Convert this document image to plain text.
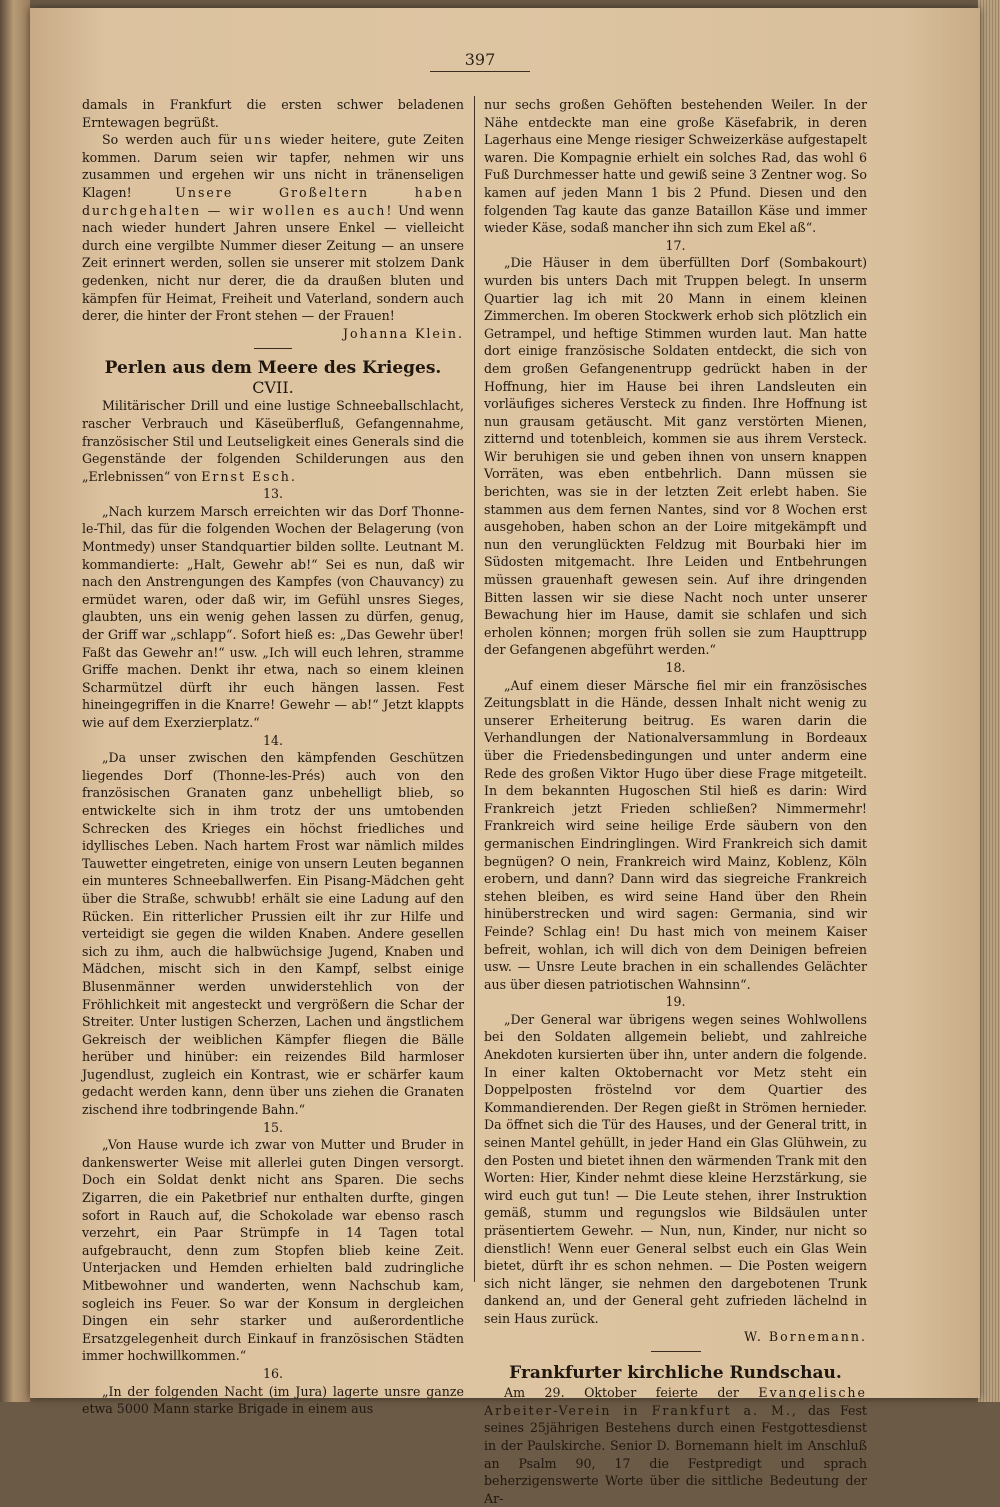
397

damals in Frankfurt die ersten schwer beladenen Erntewagen begrüßt.

So werden auch für uns wieder heitere, gute Zeiten kommen. Darum seien wir tapfer, nehmen wir uns zusammen und ergehen wir uns nicht in tränenseligen Klagen!	Unsere Großeltern haben durchgehalten — wir wollen es auch! Und wenn nach wieder hundert Jahren unsere Enkel — vielleicht durch eine vergilbte Nummer dieser Zeitung — an unsere Zeit erinnert werden, sollen sie unserer mit stolzem Dank gedenken, nicht nur derer, die da draußen bluten und kämpfen für Heimat, Freiheit und Vaterland, sondern auch derer, die hinter der Front stehen — der Frauen!

Johanna Klein.

Perlen aus dem Meere des Krieges.

CVII.

Militärischer Drill und eine lustige Schneeballschlacht, rascher Verbrauch und Käseüberfluß, Gefangennahme, französischer Stil und Leutseligkeit eines Generals sind die Gegenstände der folgenden Schilderungen aus den „Erlebnissen“ von Ernst Esch.

13.

„Nach kurzem Marsch erreichten wir das Dorf Thonne-le-Thil, das für die folgenden Wochen der Belagerung (von Montmedy) unser Standquartier bilden sollte. Leutnant M. kommandierte: „Halt, Gewehr ab!“ Sei es nun, daß wir nach den Anstrengungen des Kampfes (von Chauvancy) zu ermüdet waren, oder daß wir, im Gefühl unsres Sieges, glaubten, uns ein wenig gehen lassen zu dürfen, genug, der Griff war „schlapp“. Sofort hieß es: „Das Gewehr über! Faßt das Gewehr an!“ usw. „Ich will euch lehren, stramme Griffe machen. Denkt ihr etwa, nach so einem kleinen Scharmützel dürft ihr euch hängen lassen. Fest hineingegriffen in die Knarre! Gewehr — ab!“ Jetzt klappts wie auf dem Exerzierplatz.“

14.

„Da unser zwischen den kämpfenden Geschützen liegendes Dorf (Thonne-les-Prés) auch von den französischen Granaten ganz unbehelligt blieb, so entwickelte sich in ihm trotz der uns umtobenden Schrecken des Krieges ein höchst friedliches und idyllisches Leben. Nach hartem Frost war nämlich mildes Tauwetter eingetreten, einige von unsern Leuten begannen ein munteres Schneeballwerfen. Ein Pisang-Mädchen geht über die Straße, schwubb! erhält sie eine Ladung auf den Rücken. Ein ritterlicher Prussien eilt ihr zur Hilfe und verteidigt sie gegen die wilden Knaben. Andere gesellen sich zu ihm, auch die halbwüchsige Jugend, Knaben und Mädchen, mischt sich in den Kampf, selbst einige Blusenmänner werden unwiderstehlich von der Fröhlichkeit mit angesteckt und vergrößern die Schar der Streiter. Unter lustigen Scherzen, Lachen und ängstlichem Gekreisch der weiblichen Kämpfer fliegen die Bälle herüber und hinüber: ein reizendes Bild harmloser Jugendlust, zugleich ein Kontrast, wie er schärfer kaum gedacht werden kann, denn über uns ziehen die Granaten zischend ihre todbringende Bahn.“

15.

„Von Hause wurde ich zwar von Mutter und Bruder in dankenswerter Weise mit allerlei guten Dingen versorgt. Doch ein Soldat denkt nicht ans Sparen. Die sechs Zigarren, die ein Paketbrief nur enthalten durfte, gingen sofort in Rauch auf, die Schokolade war ebenso rasch verzehrt, ein Paar Strümpfe in 14 Tagen total aufgebraucht, denn zum Stopfen blieb keine Zeit. Unterjacken und Hemden erhielten bald zudringliche Mitbewohner und wanderten, wenn Nachschub kam, sogleich ins Feuer. So war der Konsum in dergleichen Dingen ein sehr starker und außerordentliche Ersatzgelegenheit durch Einkauf in französischen Städten immer hochwillkommen.“

16.

„In der folgenden Nacht (im Jura) lagerte unsre ganze etwa 5000 Mann starke Brigade in einem aus

nur sechs großen Gehöften bestehenden Weiler. In der Nähe entdeckte man eine große Käsefabrik, in deren Lagerhaus eine Menge riesiger Schweizerkäse aufgestapelt waren. Die Kompagnie erhielt ein solches Rad, das wohl 6 Fuß Durchmesser hatte und gewiß seine 3 Zentner wog. So kamen auf jeden Mann 1 bis 2 Pfund. Diesen und den folgenden Tag kaute das ganze Bataillon Käse und immer wieder Käse, sodaß mancher ihn sich zum Ekel aß“.

17.

„Die Häuser in dem überfüllten Dorf (Sombakourt) wurden bis unters Dach mit Truppen belegt. In unserm Quartier lag ich mit 20 Mann in einem kleinen Zimmerchen. Im oberen Stockwerk erhob sich plötzlich ein Getrampel, und heftige Stimmen wurden laut. Man hatte dort einige französische Soldaten entdeckt, die sich von dem großen Gefangenentrupp gedrückt haben in der Hoffnung, hier im Hause bei ihren Landsleuten ein vorläufiges sicheres Versteck zu finden. Ihre Hoffnung ist nun grausam getäuscht. Mit ganz verstörten Mienen, zitternd und totenbleich, kommen sie aus ihrem Versteck. Wir beruhigen sie und geben ihnen von unsern knappen Vorräten, was eben entbehrlich. Dann müssen sie berichten, was sie in der letzten Zeit erlebt haben. Sie stammen aus dem fernen Nantes, sind vor 8 Wochen erst ausgehoben, haben schon an der Loire mitgekämpft und nun den verunglückten Feldzug mit Bourbaki hier im Südosten mitgemacht. Ihre Leiden und Entbehrungen müssen grauenhaft gewesen sein. Auf ihre dringenden Bitten lassen wir sie diese Nacht noch unter unserer Bewachung hier im Hause, damit sie schlafen und sich erholen können; morgen früh sollen sie zum Haupttrupp der Gefangenen abgeführt werden.“

18.

„Auf einem dieser Märsche fiel mir ein französisches Zeitungsblatt in die Hände, dessen Inhalt nicht wenig zu unserer Erheiterung beitrug. Es waren darin die Verhandlungen der Nationalversammlung in Bordeaux über die Friedensbedingungen und unter anderm eine Rede des großen Viktor Hugo über diese Frage mitgeteilt. In dem bekannten Hugoschen Stil hieß es darin: Wird Frankreich jetzt Frieden schließen? Nimmermehr! Frankreich wird seine heilige Erde säubern von den germanischen Eindringlingen. Wird Frankreich sich damit begnügen? O nein, Frankreich wird Mainz, Koblenz, Köln erobern, und dann? Dann wird das siegreiche Frankreich stehen bleiben, es wird seine Hand über den Rhein hinüberstrecken und wird sagen: Germania, sind wir Feinde? Schlag ein! Du hast mich von meinem Kaiser befreit, wohlan, ich will dich von dem Deinigen befreien usw. — Unsre Leute brachen in ein schallendes Gelächter aus über diesen patriotischen Wahnsinn“.

19.

„Der General war übrigens wegen seines Wohlwollens bei den Soldaten allgemein beliebt, und zahlreiche Anekdoten kursierten über ihn, unter andern die folgende. In einer kalten Oktobernacht vor Metz steht ein Doppelposten fröstelnd vor dem Quartier des Kommandierenden. Der Regen gießt in Strömen hernieder. Da öffnet sich die Tür des Hauses, und der General tritt, in seinen Mantel gehüllt, in jeder Hand ein Glas Glühwein, zu den Posten und bietet ihnen den wärmenden Trank mit den Worten: Hier, Kinder nehmt diese kleine Herzstärkung, sie wird euch gut tun! — Die Leute stehen, ihrer Instruktion gemäß, stumm und regungslos wie Bildsäulen unter präsentiertem Gewehr. — Nun, nun, Kinder, nur nicht so dienstlich! Wenn euer General selbst euch ein Glas Wein bietet, dürft ihr es schon nehmen. — Die Posten weigern sich nicht länger, sie nehmen den dargebotenen Trunk dankend an, und der General geht zufrieden lächelnd in sein Haus zurück.

W. Bornemann.

Frankfurter kirchliche Rundschau.

Am 29. Oktober feierte der Evangelische Arbeiter-Verein in Frankfurt a. M., das Fest seines 25jährigen Bestehens durch einen Festgottesdienst in der Paulskirche. Senior D. Bornemann hielt im Anschluß an Psalm 90, 17 die Festpredigt und sprach beherzigenswerte Worte über die sittliche Bedeutung der Ar-
